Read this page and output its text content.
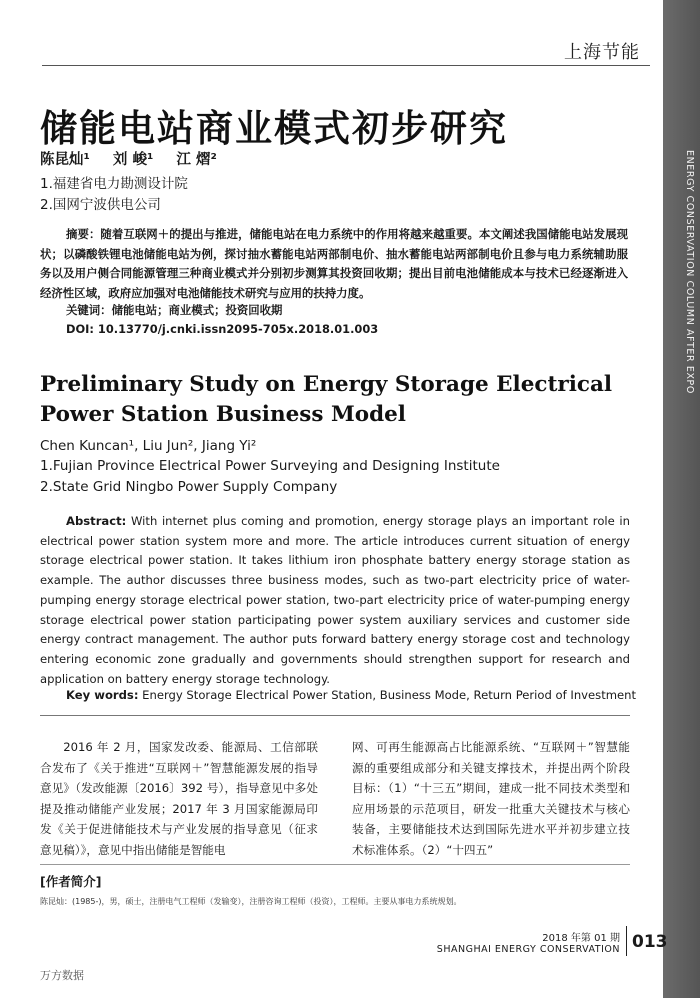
ENERGY CONSERVATION COLUMN AFTER EXPO
上海节能
储能电站商业模式初步研究
陈昆灿¹ 刘 峻¹ 江 熠²
1.福建省电力勘测设计院
2.国网宁波供电公司
摘要：随着互联网＋的提出与推进，储能电站在电力系统中的作用将越来越重要。本文阐述我国储能电站发展现状；以磷酸铁锂电池储能电站为例，探讨抽水蓄能电站两部制电价、抽水蓄能电站两部制电价且参与电力系统辅助服务以及用户侧合同能源管理三种商业模式并分别初步测算其投资回收期；提出目前电池储能成本与技术已经逐渐进入经济性区域，政府应加强对电池储能技术研究与应用的扶持力度。
关键词：储能电站；商业模式；投资回收期
DOI: 10.13770/j.cnki.issn2095-705x.2018.01.003
Preliminary Study on Energy Storage Electrical Power Station Business Model
Chen Kuncan¹, Liu Jun², Jiang Yi²
1.Fujian Province Electrical Power Surveying and Designing Institute
2.State Grid Ningbo Power Supply Company
Abstract: With internet plus coming and promotion, energy storage plays an important role in electrical power station system more and more. The article introduces current situation of energy storage electrical power station. It takes lithium iron phosphate battery energy storage station as example. The author discusses three business modes, such as two-part electricity price of water-pumping energy storage electrical power station, two-part electricity price of water-pumping energy storage electrical power station participating power system auxiliary services and customer side energy contract management. The author puts forward battery energy storage cost and technology entering economic zone gradually and governments should strengthen support for research and application on battery energy storage technology.
Key words: Energy Storage Electrical Power Station, Business Mode, Return Period of Investment
2016 年 2 月，国家发改委、能源局、工信部联合发布了《关于推进“互联网＋”智慧能源发展的指导意见》（发改能源〔2016〕392 号），指导意见中多处提及推动储能产业发展；2017 年 3 月国家能源局印发《关于促进储能技术与产业发展的指导意见（征求意见稿）》，意见中指出储能是智能电
网、可再生能源高占比能源系统、“互联网＋”智慧能源的重要组成部分和关键支撑技术，并提出两个阶段目标：（1）“十三五”期间，建成一批不同技术类型和应用场景的示范项目，研发一批重大关键技术与核心装备，主要储能技术达到国际先进水平并初步建立技术标准体系。（2）“十四五”
[作者简介]
陈昆灿：(1985-)，男，硕士，注册电气工程师（发输变），注册咨询工程师（投资），工程师。主要从事电力系统规划。
2018 年第 01 期
SHANGHAI ENERGY CONSERVATION 013
万方数据
